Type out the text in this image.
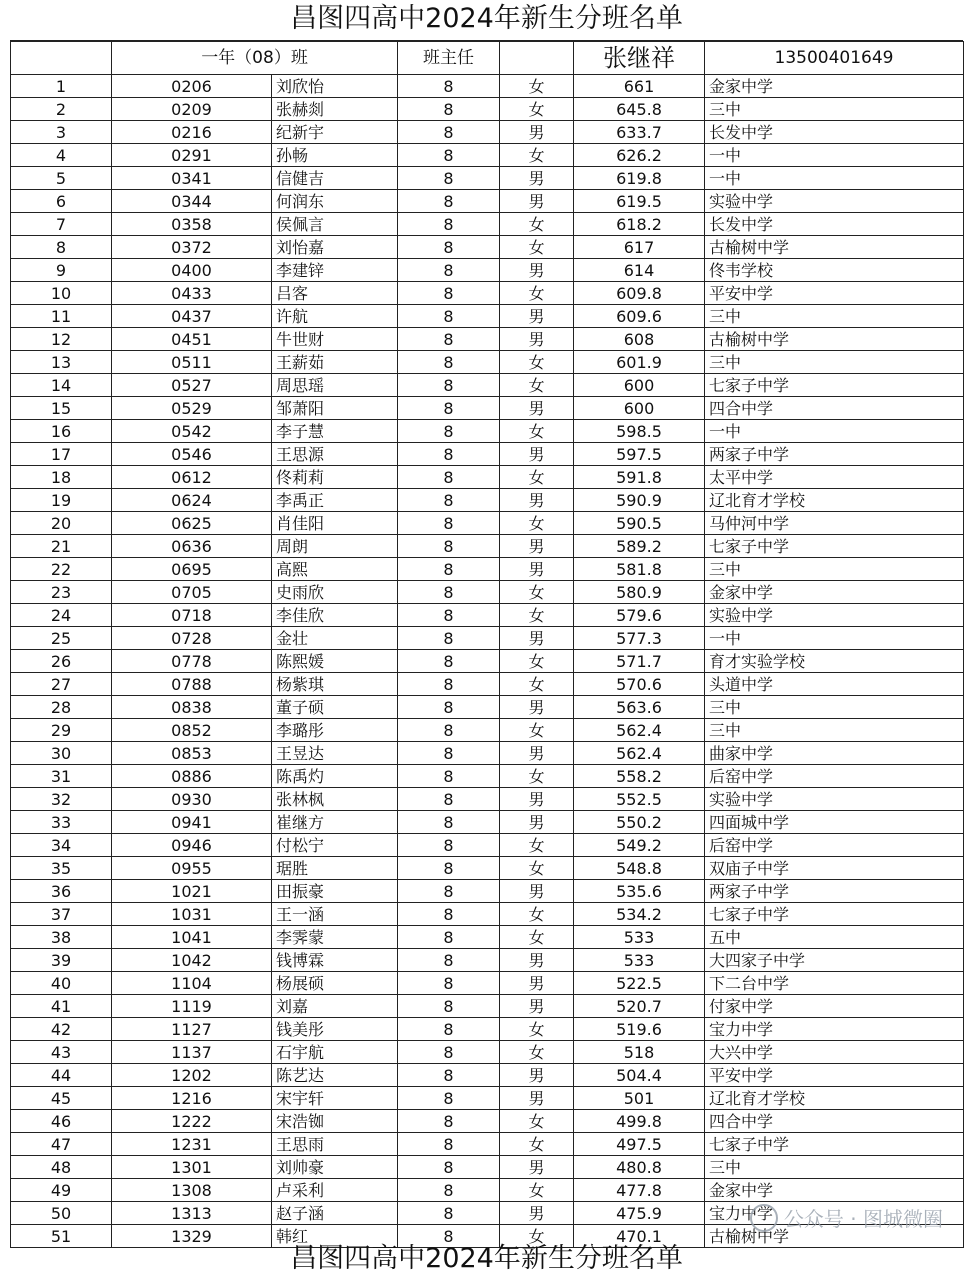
昌图四高中2024年新生分班名单
	一年（08）班		班主任		张继祥	13500401649
1	0206	刘欣怡	8	女	661	金家中学
2	0209	张赫剡	8	女	645.8	三中
3	0216	纪新宇	8	男	633.7	长发中学
4	0291	孙畅	8	女	626.2	一中
5	0341	信健吉	8	男	619.8	一中
6	0344	何润东	8	男	619.5	实验中学
7	0358	侯佩言	8	女	618.2	长发中学
8	0372	刘怡嘉	8	女	617	古榆树中学
9	0400	李建锌	8	男	614	佟韦学校
10	0433	吕客	8	女	609.8	平安中学
11	0437	许航	8	男	609.6	三中
12	0451	牛世财	8	男	608	古榆树中学
13	0511	王薪茹	8	女	601.9	三中
14	0527	周思瑶	8	女	600	七家子中学
15	0529	邹萧阳	8	男	600	四合中学
16	0542	李子慧	8	女	598.5	一中
17	0546	王思源	8	男	597.5	两家子中学
18	0612	佟莉莉	8	女	591.8	太平中学
19	0624	李禹正	8	男	590.9	辽北育才学校
20	0625	肖佳阳	8	女	590.5	马仲河中学
21	0636	周朗	8	男	589.2	七家子中学
22	0695	高熙	8	男	581.8	三中
23	0705	史雨欣	8	女	580.9	金家中学
24	0718	李佳欣	8	女	579.6	实验中学
25	0728	金壮	8	男	577.3	一中
26	0778	陈熙媛	8	女	571.7	育才实验学校
27	0788	杨紫琪	8	女	570.6	头道中学
28	0838	董子硕	8	男	563.6	三中
29	0852	李璐彤	8	女	562.4	三中
30	0853	王昱达	8	男	562.4	曲家中学
31	0886	陈禹灼	8	女	558.2	后窑中学
32	0930	张林枫	8	男	552.5	实验中学
33	0941	崔继方	8	男	550.2	四面城中学
34	0946	付松宁	8	女	549.2	后窑中学
35	0955	琚胜	8	女	548.8	双庙子中学
36	1021	田振豪	8	男	535.6	两家子中学
37	1031	王一涵	8	女	534.2	七家子中学
38	1041	李霁蒙	8	女	533	五中
39	1042	钱博霖	8	男	533	大四家子中学
40	1104	杨展硕	8	男	522.5	下二台中学
41	1119	刘嘉	8	男	520.7	付家中学
42	1127	钱美彤	8	女	519.6	宝力中学
43	1137	石宇航	8	女	518	大兴中学
44	1202	陈艺达	8	男	504.4	平安中学
45	1216	宋宇轩	8	男	501	辽北育才学校
46	1222	宋浩铷	8	女	499.8	四合中学
47	1231	王思雨	8	女	497.5	七家子中学
48	1301	刘帅豪	8	男	480.8	三中
49	1308	卢采利	8	女	477.8	金家中学
50	1313	赵子涵	8	男	475.9	宝力中学
51	1329	韩红	8	女	470.1	古榆树中学
公众号 · 图城微圈
昌图四高中2024年新生分班名单
